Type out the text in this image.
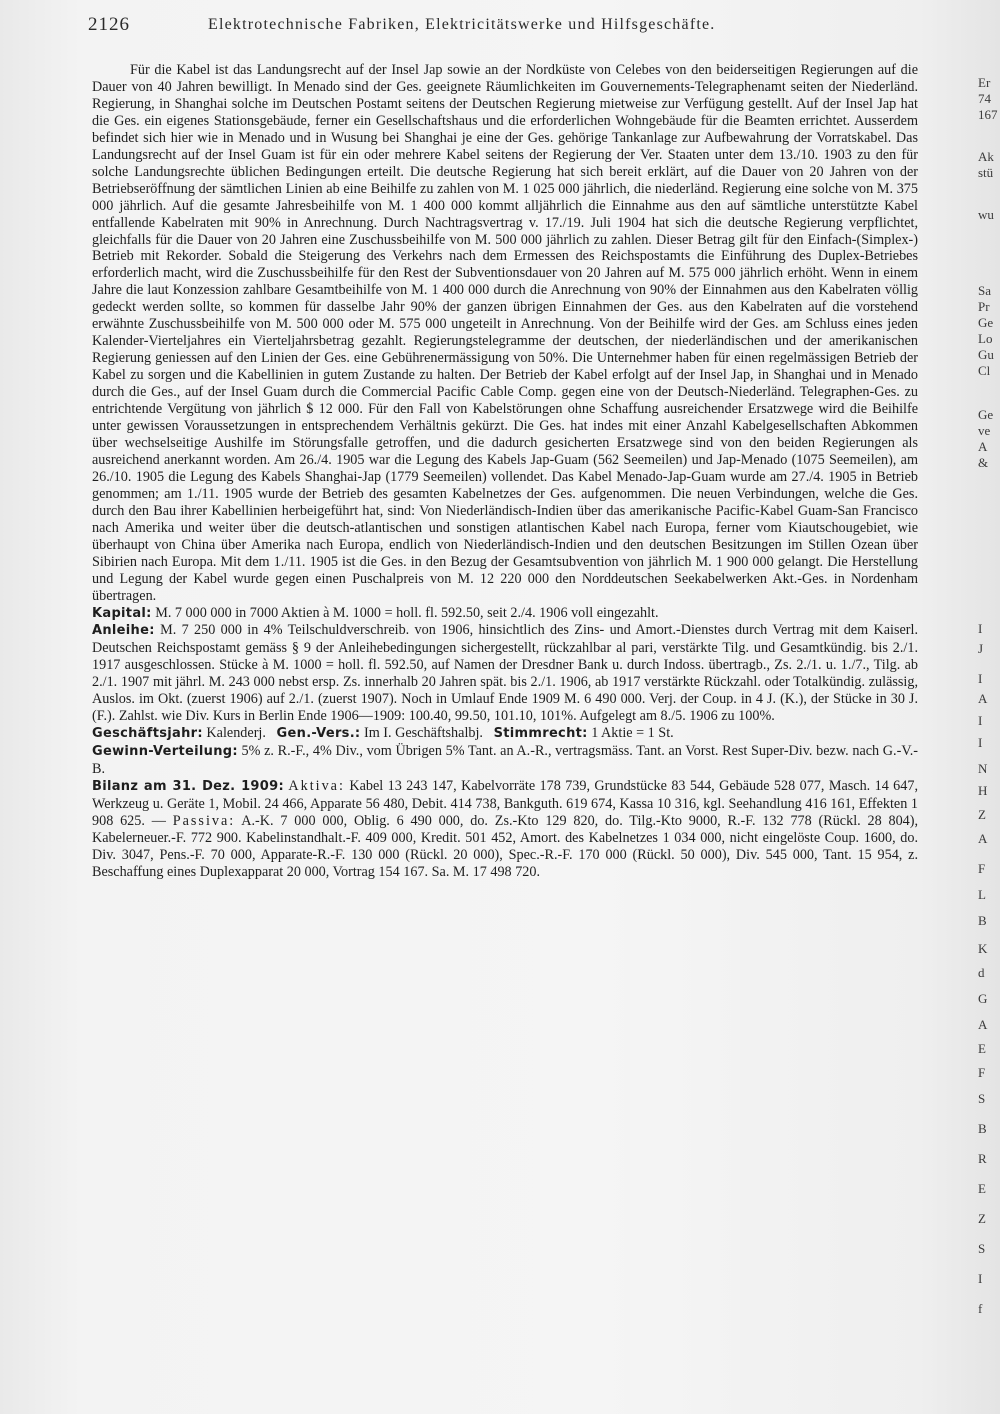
2126	Elektrotechnische Fabriken, Elektricitätswerke und Hilfsgeschäfte.

Für die Kabel ist das Landungsrecht auf der Insel Jap sowie an der Nordküste von Celebes von den beiderseitigen Regierungen auf die Dauer von 40 Jahren bewilligt. In Menado sind der Ges. geeignete Räumlichkeiten im Gouvernements-Telegraphenamt seiten der Niederländ. Regierung, in Shanghai solche im Deutschen Postamt seitens der Deutschen Regierung mietweise zur Verfügung gestellt. Auf der Insel Jap hat die Ges. ein eigenes Stationsgebäude, ferner ein Gesellschaftshaus und die erforderlichen Wohngebäude für die Beamten errichtet. Ausserdem befindet sich hier wie in Menado und in Wusung bei Shanghai je eine der Ges. gehörige Tankanlage zur Aufbewahrung der Vorratskabel. Das Landungsrecht auf der Insel Guam ist für ein oder mehrere Kabel seitens der Regierung der Ver. Staaten unter dem 13./10. 1903 zu den für solche Landungsrechte üblichen Bedingungen erteilt. Die deutsche Regierung hat sich bereit erklärt, auf die Dauer von 20 Jahren von der Betriebseröffnung der sämtlichen Linien ab eine Beihilfe zu zahlen von M. 1 025 000 jährlich, die niederländ. Regierung eine solche von M. 375 000 jährlich. Auf die gesamte Jahresbeihilfe von M. 1 400 000 kommt alljährlich die Einnahme aus den auf sämtliche unterstützte Kabel entfallende Kabelraten mit 90% in Anrechnung. Durch Nachtragsvertrag v. 17./19. Juli 1904 hat sich die deutsche Regierung verpflichtet, gleichfalls für die Dauer von 20 Jahren eine Zuschussbeihilfe von M. 500 000 jährlich zu zahlen. Dieser Betrag gilt für den Einfach-(Simplex-) Betrieb mit Rekorder. Sobald die Steigerung des Verkehrs nach dem Ermessen des Reichspostamts die Einführung des Duplex-Betriebes erforderlich macht, wird die Zuschussbeihilfe für den Rest der Subventionsdauer von 20 Jahren auf M. 575 000 jährlich erhöht. Wenn in einem Jahre die laut Konzession zahlbare Gesamtbeihilfe von M. 1 400 000 durch die Anrechnung von 90% der Einnahmen aus den Kabelraten völlig gedeckt werden sollte, so kommen für dasselbe Jahr 90% der ganzen übrigen Einnahmen der Ges. aus den Kabelraten auf die vorstehend erwähnte Zuschussbeihilfe von M. 500 000 oder M. 575 000 ungeteilt in Anrechnung. Von der Beihilfe wird der Ges. am Schluss eines jeden Kalender-Vierteljahres ein Vierteljahrsbetrag gezahlt. Regierungstelegramme der deutschen, der niederländischen und der amerikanischen Regierung geniessen auf den Linien der Ges. eine Gebührenermässigung von 50%. Die Unternehmer haben für einen regelmässigen Betrieb der Kabel zu sorgen und die Kabellinien in gutem Zustande zu halten. Der Betrieb der Kabel erfolgt auf der Insel Jap, in Shanghai und in Menado durch die Ges., auf der Insel Guam durch die Commercial Pacific Cable Comp. gegen eine von der Deutsch-Niederländ. Telegraphen-Ges. zu entrichtende Vergütung von jährlich $ 12 000. Für den Fall von Kabelstörungen ohne Schaffung ausreichender Ersatzwege wird die Beihilfe unter gewissen Voraussetzungen in entsprechendem Verhältnis gekürzt. Die Ges. hat indes mit einer Anzahl Kabelgesellschaften Abkommen über wechselseitige Aushilfe im Störungsfalle getroffen, und die dadurch gesicherten Ersatzwege sind von den beiden Regierungen als ausreichend anerkannt worden. Am 26./4. 1905 war die Legung des Kabels Jap-Guam (562 Seemeilen) und Jap-Menado (1075 Seemeilen), am 26./10. 1905 die Legung des Kabels Shanghai-Jap (1779 Seemeilen) vollendet. Das Kabel Menado-Jap-Guam wurde am 27./4. 1905 in Betrieb genommen; am 1./11. 1905 wurde der Betrieb des gesamten Kabelnetzes der Ges. aufgenommen. Die neuen Verbindungen, welche die Ges. durch den Bau ihrer Kabellinien herbeigeführt hat, sind: Von Niederländisch-Indien über das amerikanische Pacific-Kabel Guam-San Francisco nach Amerika und weiter über die deutsch-atlantischen und sonstigen atlantischen Kabel nach Europa, ferner vom Kiautschougebiet, wie überhaupt von China über Amerika nach Europa, endlich von Niederländisch-Indien und den deutschen Besitzungen im Stillen Ozean über Sibirien nach Europa. Mit dem 1./11. 1905 ist die Ges. in den Bezug der Gesamtsubvention von jährlich M. 1 900 000 gelangt. Die Herstellung und Legung der Kabel wurde gegen einen Puschalpreis von M. 12 220 000 den Norddeutschen Seekabelwerken Akt.-Ges. in Nordenham übertragen.

Kapital: M. 7 000 000 in 7000 Aktien à M. 1000 = holl. fl. 592.50, seit 2./4. 1906 voll eingezahlt.

Anleihe: M. 7 250 000 in 4% Teilschuldverschreib. von 1906, hinsichtlich des Zins- und Amort.-Dienstes durch Vertrag mit dem Kaiserl. Deutschen Reichspostamt gemäss § 9 der Anleihebedingungen sichergestellt, rückzahlbar al pari, verstärkte Tilg. und Gesamtkündig. bis 2./1. 1917 ausgeschlossen. Stücke à M. 1000 = holl. fl. 592.50, auf Namen der Dresdner Bank u. durch Indoss. übertragb., Zs. 2./1. u. 1./7., Tilg. ab 2./1. 1907 mit jährl. M. 243 000 nebst ersp. Zs. innerhalb 20 Jahren spät. bis 2./1. 1906, ab 1917 verstärkte Rückzahl. oder Totalkündig. zulässig, Auslos. im Okt. (zuerst 1906) auf 2./1. (zuerst 1907). Noch in Umlauf Ende 1909 M. 6 490 000. Verj. der Coup. in 4 J. (K.), der Stücke in 30 J. (F.). Zahlst. wie Div. Kurs in Berlin Ende 1906—1909: 100.40, 99.50, 101.10, 101%. Aufgelegt am 8./5. 1906 zu 100%.

Geschäftsjahr: Kalenderj. Gen.-Vers.: Im I. Geschäftshalbj. Stimmrecht: 1 Aktie = 1 St.

Gewinn-Verteilung: 5% z. R.-F., 4% Div., vom Übrigen 5% Tant. an A.-R., vertragsmäss. Tant. an Vorst. Rest Super-Div. bezw. nach G.-V.-B.

Bilanz am 31. Dez. 1909: Aktiva: Kabel 13 243 147, Kabelvorräte 178 739, Grundstücke 83 544, Gebäude 528 077, Masch. 14 647, Werkzeug u. Geräte 1, Mobil. 24 466, Apparate 56 480, Debit. 414 738, Bankguth. 619 674, Kassa 10 316, kgl. Seehandlung 416 161, Effekten 1 908 625. — Passiva: A.-K. 7 000 000, Oblig. 6 490 000, do. Zs.-Kto 129 820, do. Tilg.-Kto 9000, R.-F. 132 778 (Rückl. 28 804), Kabelerneuer.-F. 772 900. Kabelinstandhalt.-F. 409 000, Kredit. 501 452, Amort. des Kabelnetzes 1 034 000, nicht eingelöste Coup. 1600, do. Div. 3047, Pens.-F. 70 000, Apparate-R.-F. 130 000 (Rückl. 20 000), Spec.-R.-F. 170 000 (Rückl. 50 000), Div. 545 000, Tant. 15 954, z. Beschaffung eines Duplexapparat 20 000, Vortrag 154 167. Sa. M. 17 498 720.

Er
74
167
Ak
stü
wu
Sa
Pr
Ge
Lo
Gu
Cl
Ge
ve
A
&
I
J
I
A
I
I
N
H
Z
A
F
L
B
K
d
G
A
E
F
S
B
R
E
Z
S
I
f
